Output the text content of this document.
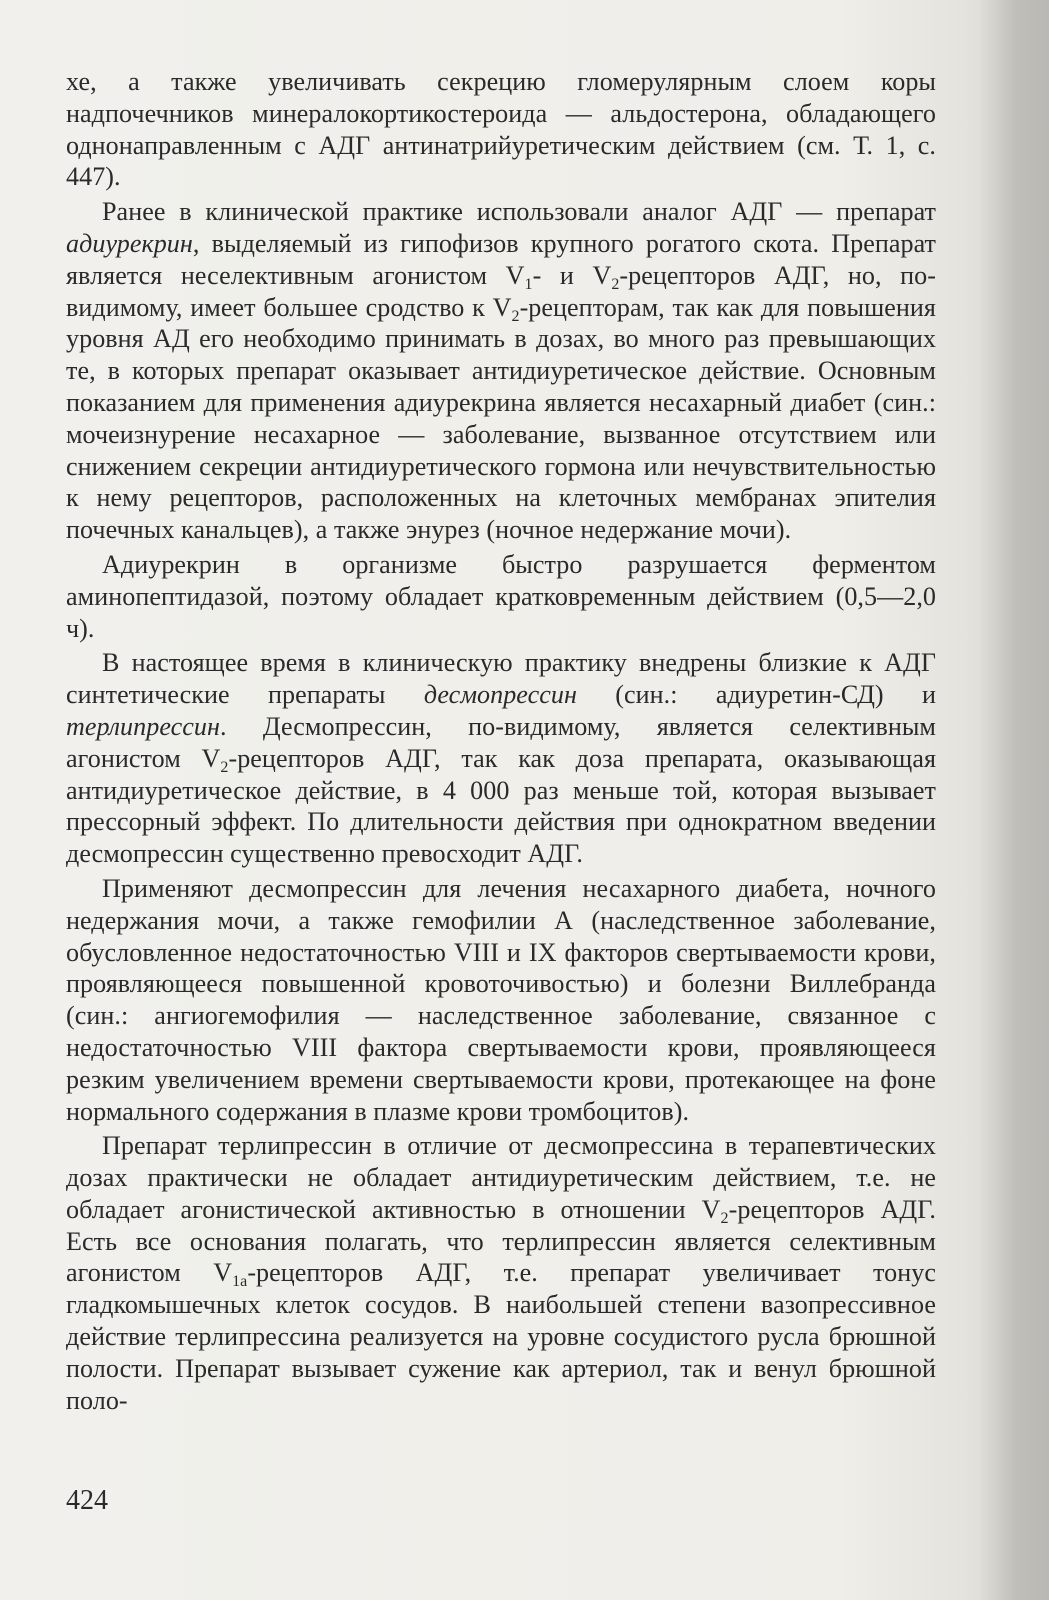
хе, а также увеличивать секрецию гломерулярным слоем коры надпочечников минералокортикостероида — альдостерона, обладающего однонаправленным с АДГ антинатрийуретическим действием (см. Т. 1, с. 447).

Ранее в клинической практике использовали аналог АДГ — препарат адиурекрин, выделяемый из гипофизов крупного рогатого скота. Препарат является неселективным агонистом $V_1-$ и $V_2$-рецепторов АДГ, но, по-видимому, имеет большее сродство к $V_2$-рецепторам, так как для повышения уровня АД его необходимо принимать в дозах, во много раз превышающих те, в которых препарат оказывает антидиуретическое действие. Основным показанием для применения адиурекрина является несахарный диабет (син.: мочеизнурение несахарное — заболевание, вызванное отсутствием или снижением секреции антидиуретического гормона или нечувствительностью к нему рецепторов, расположенных на клеточных мембранах эпителия почечных канальцев), а также энурез (ночное недержание мочи).

Адиурекрин в организме быстро разрушается ферментом аминопептидазой, поэтому обладает кратковременным действием (0,5—2,0 ч).

В настоящее время в клиническую практику внедрены близкие к АДГ синтетические препараты десмопрессин (син.: адиуретин-СД) и терлипрессин. Десмопрессин, по-видимому, является селективным агонистом $V_2$-рецепторов АДГ, так как доза препарата, оказывающая антидиуретическое действие, в 4 000 раз меньше той, которая вызывает прессорный эффект. По длительности действия при однократном введении десмопрессин существенно превосходит АДГ.

Применяют десмопрессин для лечения несахарного диабета, ночного недержания мочи, а также гемофилии А (наследственное заболевание, обусловленное недостаточностью VIII и IX факторов свертываемости крови, проявляющееся повышенной кровоточивостью) и болезни Виллебранда (син.: ангиогемофилия — наследственное заболевание, связанное с недостаточностью VIII фактора свертываемости крови, проявляющееся резким увеличением времени свертываемости крови, протекающее на фоне нормального содержания в плазме крови тромбоцитов).

Препарат терлипрессин в отличие от десмопрессина в терапевтических дозах практически не обладает антидиуретическим действием, т.е. не обладает агонистической активностью в отношении $V_2$-рецепторов АДГ. Есть все основания полагать, что терлипрессин является селективным агонистом $V_{1a}$-рецепторов АДГ, т.е. препарат увеличивает тонус гладкомышечных клеток сосудов. В наибольшей степени вазопрессивное действие терлипрессина реализуется на уровне сосудистого русла брюшной полости. Препарат вызывает сужение как артериол, так и венул брюшной поло-

424
